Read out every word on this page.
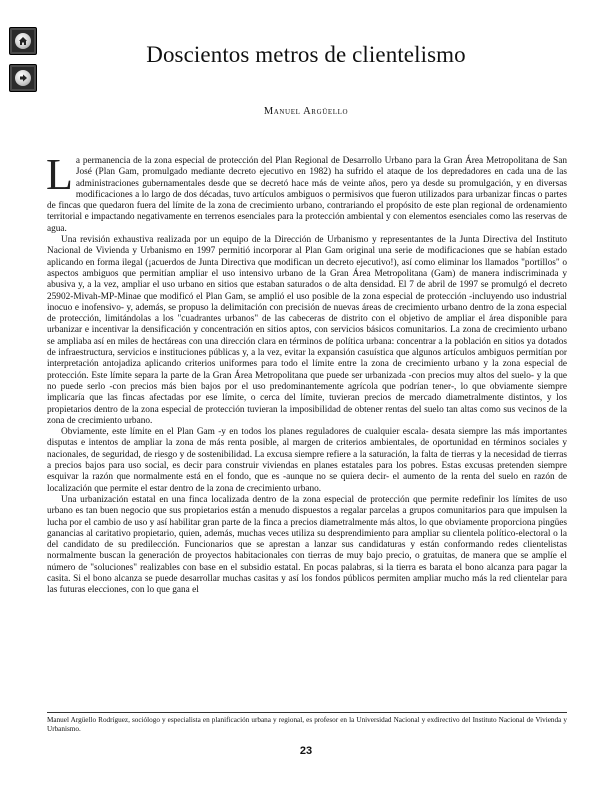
Doscientos metros de clientelismo
Manuel Argüello

La permanencia de la zona especial de protección del Plan Regional de Desarrollo Urbano para la Gran Área Metropolitana de San José (Plan Gam, promulgado mediante decreto ejecutivo en 1982) ha sufrido el ataque de los depredadores en cada una de las administraciones gubernamentales desde que se decretó hace más de veinte años, pero ya desde su promulgación, y en diversas modificaciones a lo largo de dos décadas, tuvo artículos ambiguos o permisivos que fueron utilizados para urbanizar fincas o partes de fincas que quedaron fuera del límite de la zona de crecimiento urbano, contrariando el propósito de este plan regional de ordenamiento territorial e impactando negativamente en terrenos esenciales para la protección ambiental y con elementos esenciales como las reservas de agua.

Una revisión exhaustiva realizada por un equipo de la Dirección de Urbanismo y representantes de la Junta Directiva del Instituto Nacional de Vivienda y Urbanismo en 1997 permitió incorporar al Plan Gam original una serie de modificaciones que se habían estado aplicando en forma ilegal (¡acuerdos de Junta Directiva que modifican un decreto ejecutivo!), así como eliminar los llamados "portillos" o aspectos ambiguos que permitían ampliar el uso intensivo urbano de la Gran Área Metropolitana (Gam) de manera indiscriminada y abusiva y, a la vez, ampliar el uso urbano en sitios que estaban saturados o de alta densidad. El 7 de abril de 1997 se promulgó el decreto 25902-Mivah-MP-Minae que modificó el Plan Gam, se amplió el uso posible de la zona especial de protección -incluyendo uso industrial inocuo e inofensivo- y, además, se propuso la delimitación con precisión de nuevas áreas de crecimiento urbano dentro de la zona especial de protección, limitándolas a los "cuadrantes urbanos" de las cabeceras de distrito con el objetivo de ampliar el área disponible para urbanizar e incentivar la densificación y concentración en sitios aptos, con servicios básicos comunitarios. La zona de crecimiento urbano se ampliaba así en miles de hectáreas con una dirección clara en términos de política urbana: concentrar a la población en sitios ya dotados de infraestructura, servicios e instituciones públicas y, a la vez, evitar la expansión casuística que algunos artículos ambiguos permitían por interpretación antojadiza aplicando criterios uniformes para todo el límite entre la zona de crecimiento urbano y la zona especial de protección. Este límite separa la parte de la Gran Área Metropolitana que puede ser urbanizada -con precios muy altos del suelo- y la que no puede serlo -con precios más bien bajos por el uso predominantemente agrícola que podrían tener-, lo que obviamente siempre implicaría que las fincas afectadas por ese límite, o cerca del límite, tuvieran precios de mercado diametralmente distintos, y los propietarios dentro de la zona especial de protección tuvieran la imposibilidad de obtener rentas del suelo tan altas como sus vecinos de la zona de crecimiento urbano.

Obviamente, este límite en el Plan Gam -y en todos los planes reguladores de cualquier escala- desata siempre las más importantes disputas e intentos de ampliar la zona de más renta posible, al margen de criterios ambientales, de oportunidad en términos sociales y nacionales, de seguridad, de riesgo y de sostenibilidad. La excusa siempre refiere a la saturación, la falta de tierras y la necesidad de tierras a precios bajos para uso social, es decir para construir viviendas en planes estatales para los pobres. Estas excusas pretenden siempre esquivar la razón que normalmente está en el fondo, que es -aunque no se quiera decir- el aumento de la renta del suelo en razón de localización que permite el estar dentro de la zona de crecimiento urbano.

Una urbanización estatal en una finca localizada dentro de la zona especial de protección que permite redefinir los límites de uso urbano es tan buen negocio que sus propietarios están a menudo dispuestos a regalar parcelas a grupos comunitarios para que impulsen la lucha por el cambio de uso y así habilitar gran parte de la finca a precios diametralmente más altos, lo que obviamente proporciona pingües ganancias al caritativo propietario, quien, además, muchas veces utiliza su desprendimiento para ampliar su clientela político-electoral o la del candidato de su predilección. Funcionarios que se aprestan a lanzar sus candidaturas y están conformando redes clientelistas normalmente buscan la generación de proyectos habitacionales con tierras de muy bajo precio, o gratuitas, de manera que se amplíe el número de "soluciones" realizables con base en el subsidio estatal. En pocas palabras, si la tierra es barata el bono alcanza para pagar la casita. Si el bono alcanza se puede desarrollar muchas casitas y así los fondos públicos permiten ampliar mucho más la red clientelar para las futuras elecciones, con lo que gana el

Manuel Argüello Rodríguez, sociólogo y especialista en planificación urbana y regional, es profesor en la Universidad Nacional y exdirectivo del Instituto Nacional de Vivienda y Urbanismo.
23
